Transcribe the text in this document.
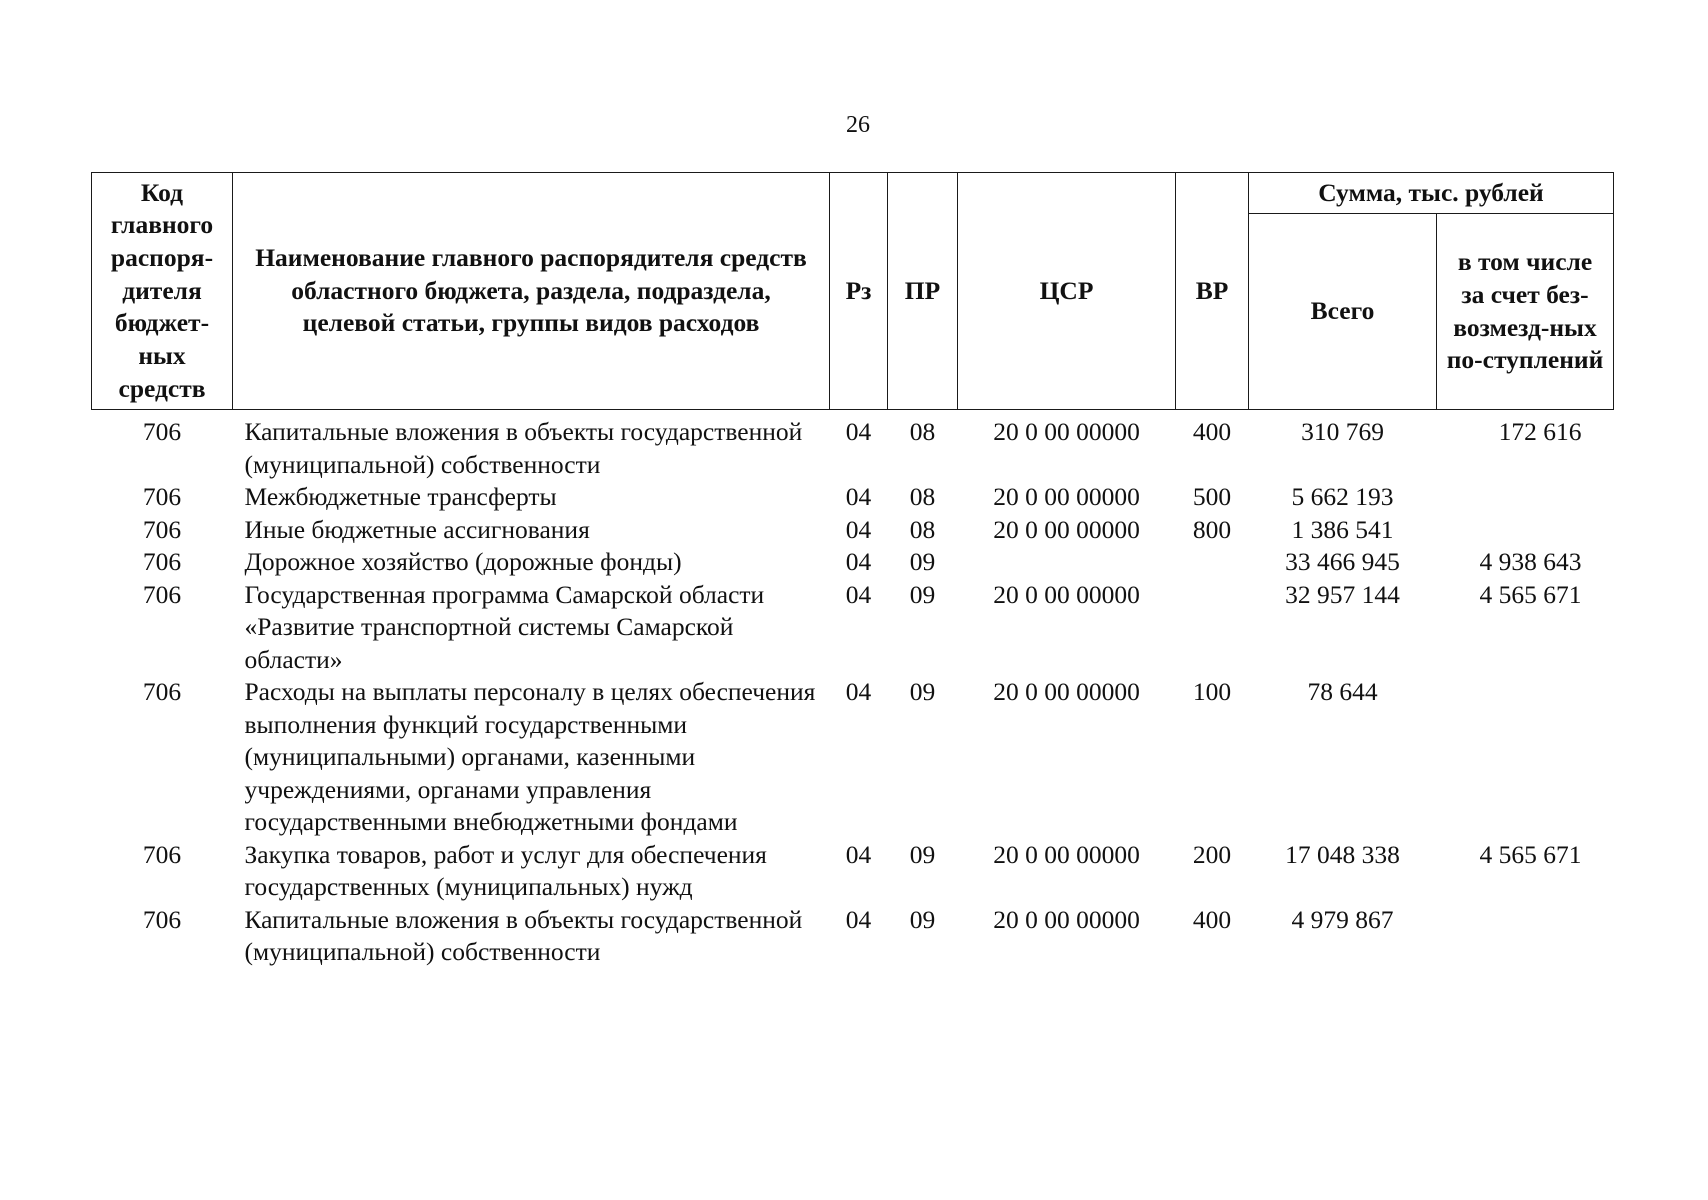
26
Код главного распоря-дителя бюджет-ных средств	Наименование главного распорядителя средств областного бюджета, раздела, подраздела, целевой статьи, группы видов расходов	Рз	ПР	ЦСР	ВР	Сумма, тыс. рублей	
						Всего	в том числе за счет без-возмезд-ных по-ступлений
706	Капитальные вложения в объекты государственной (муниципальной) собственности	04	08	20 0 00 00000	400	310 769	172 616
706	Межбюджетные трансферты	04	08	20 0 00 00000	500	5 662 193	
706	Иные бюджетные ассигнования	04	08	20 0 00 00000	800	1 386 541	
706	Дорожное хозяйство (дорожные фонды)	04	09			33 466 945	4 938 643
706	Государственная программа Самарской области «Развитие транспортной системы Самарской области»	04	09	20 0 00 00000		32 957 144	4 565 671
706	Расходы на выплаты персоналу в целях обеспечения выполнения функций государственными (муниципальными) органами, казенными учреждениями, органами управления государственными внебюджетными фондами	04	09	20 0 00 00000	100	78 644	
706	Закупка товаров, работ и услуг для обеспечения государственных (муниципальных) нужд	04	09	20 0 00 00000	200	17 048 338	4 565 671
706	Капитальные вложения в объекты государственной (муниципальной) собственности	04	09	20 0 00 00000	400	4 979 867	
